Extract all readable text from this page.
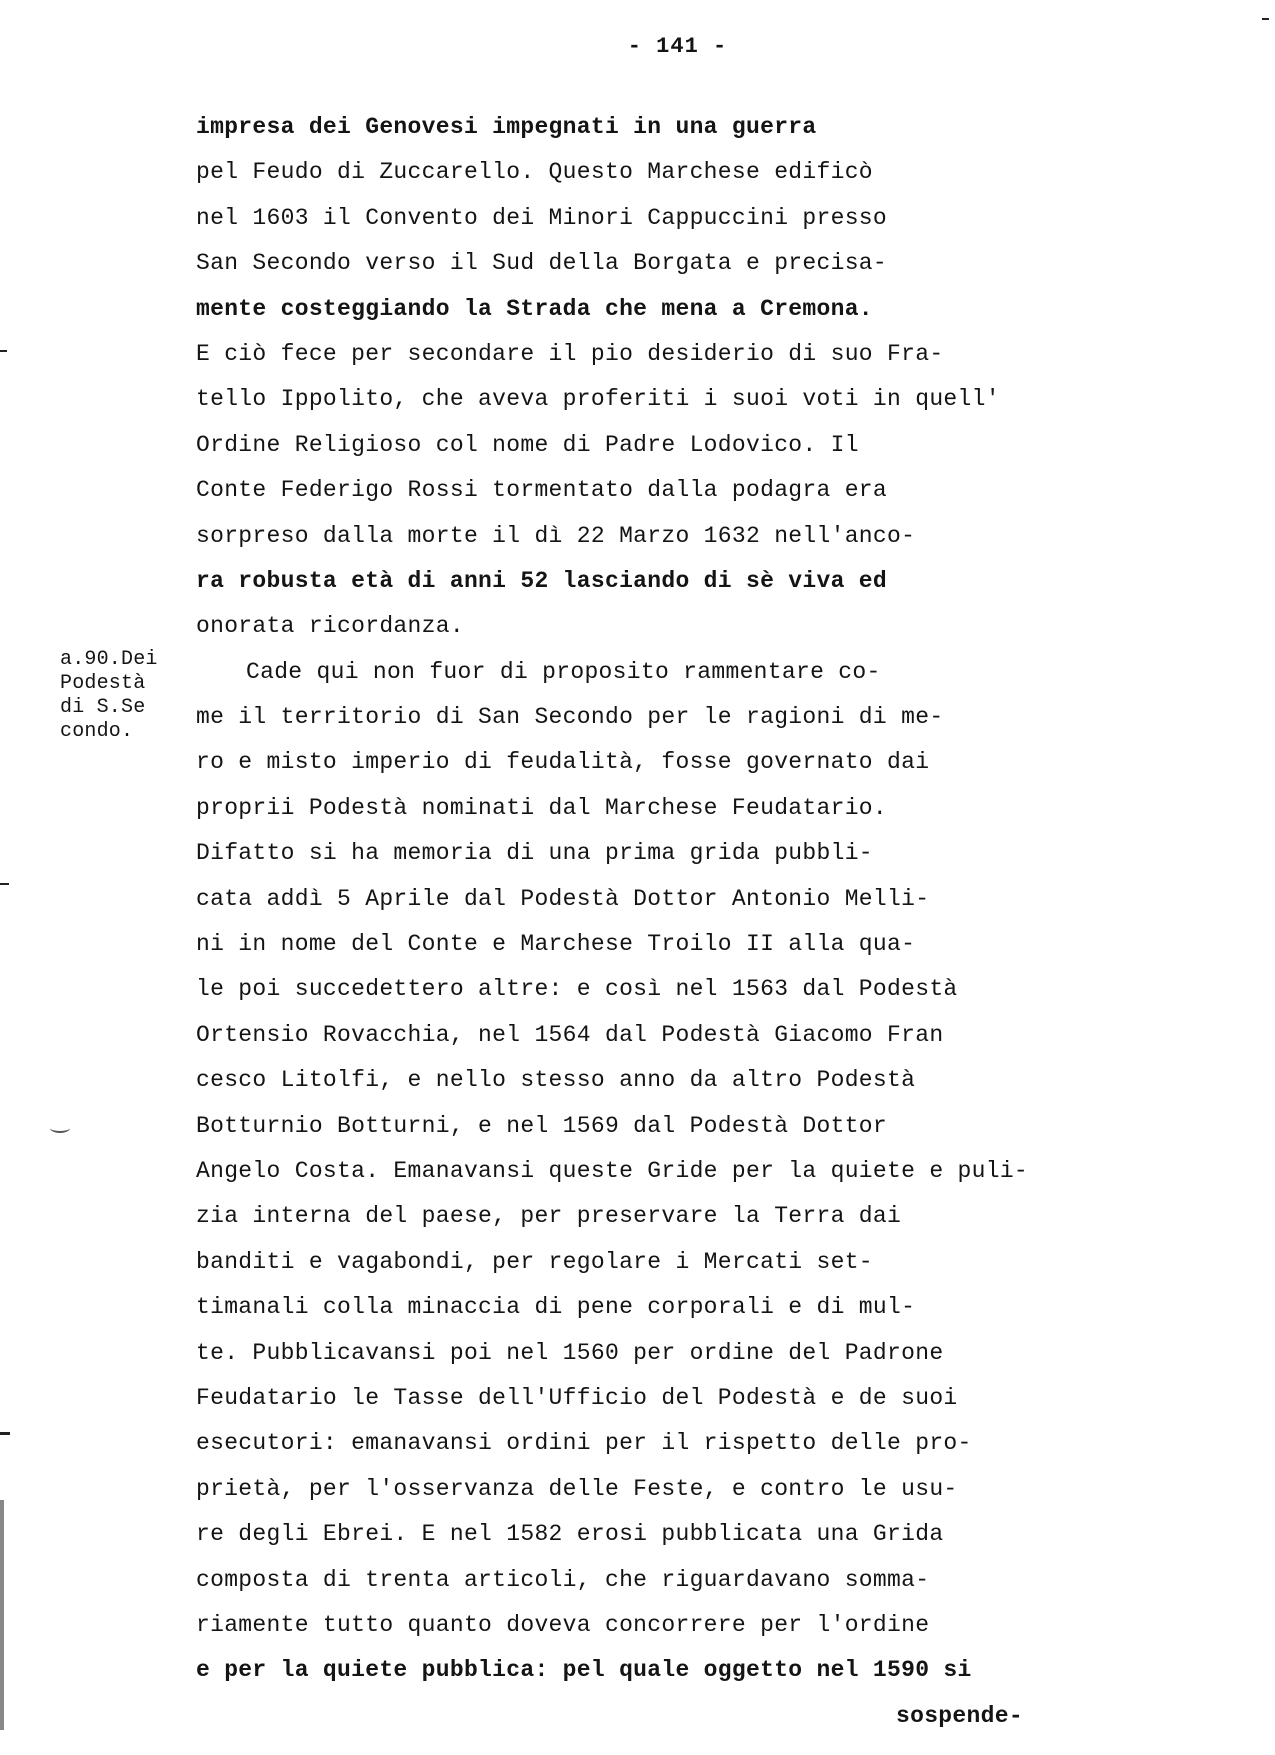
- 141 -
a.90.Dei
Podestà
di S.Se
condo.
impresa dei Genovesi impegnati in una guerra
pel Feudo di Zuccarello. Questo Marchese edificò
nel 1603 il Convento dei Minori Cappuccini presso
San Secondo verso il Sud della Borgata e precisa-
mente costeggiando la Strada che mena a Cremona.
E ciò fece per secondare il pio desiderio di suo Fra-
tello Ippolito, che aveva proferiti i suoi voti in quell'
Ordine Religioso col nome di Padre Lodovico. Il
Conte Federigo Rossi tormentato dalla podagra era
sorpreso dalla morte il dì 22 Marzo 1632 nell'anco-
ra robusta età di anni 52 lasciando di sè viva ed
onorata ricordanza.
Cade qui non fuor di proposito rammentare co-
me il territorio di San Secondo per le ragioni di me-
ro e misto imperio di feudalità, fosse governato dai
proprii Podestà nominati dal Marchese Feudatario.
Difatto si ha memoria di una prima grida pubbli-
cata addì 5 Aprile dal Podestà Dottor Antonio Melli-
ni in nome del Conte e Marchese Troilo II alla qua-
le poi succedettero altre: e così nel 1563 dal Podestà
Ortensio Rovacchia, nel 1564 dal Podestà Giacomo Fran
cesco Litolfi, e nello stesso anno da altro Podestà
Botturnio Botturni, e nel 1569 dal Podestà Dottor
Angelo Costa. Emanavansi queste Gride per la quiete e puli-
zia interna del paese, per preservare la Terra dai
banditi e vagabondi, per regolare i Mercati set-
timanali colla minaccia di pene corporali e di mul-
te. Pubblicavansi poi nel 1560 per ordine del Padrone
Feudatario le Tasse dell'Ufficio del Podestà e de suoi
esecutori: emanavansi ordini per il rispetto delle pro-
prietà, per l'osservanza delle Feste, e contro le usu-
re degli Ebrei. E nel 1582 erosi pubblicata una Grida
composta di trenta articoli, che riguardavano somma-
riamente tutto quanto doveva concorrere per l'ordine
e per la quiete pubblica: pel quale oggetto nel 1590 si
sospende-
